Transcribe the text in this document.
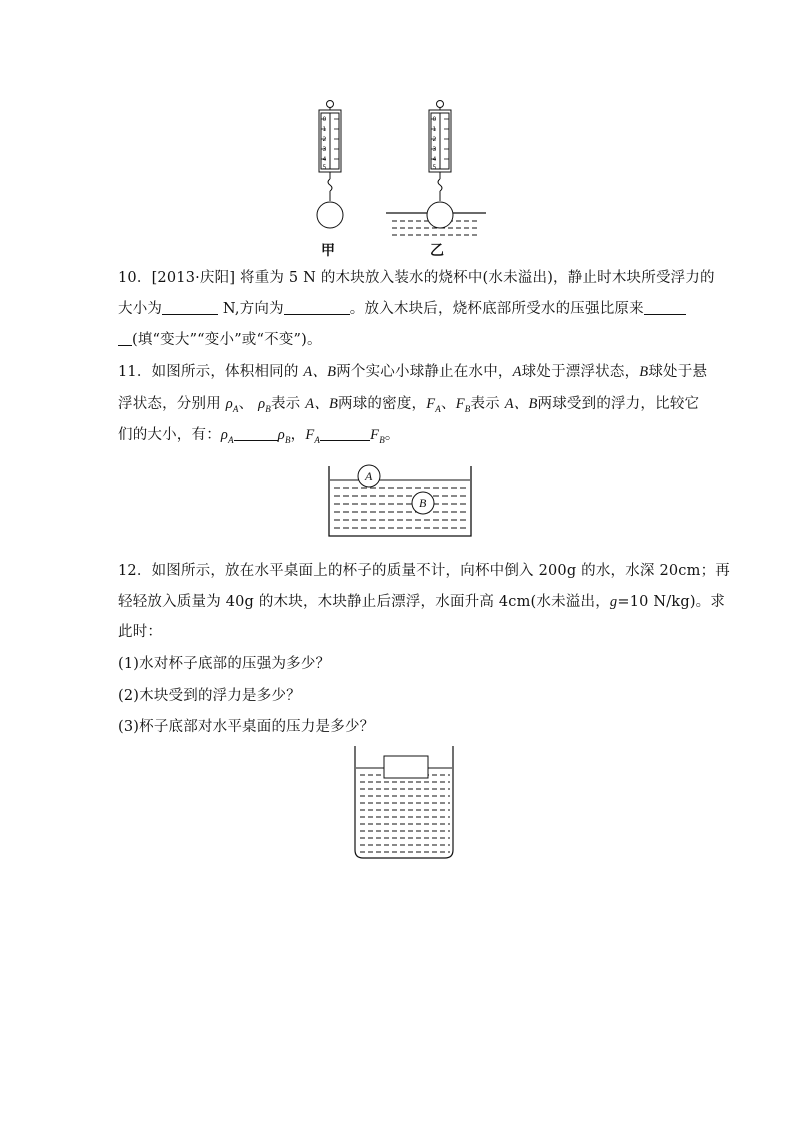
0
1
2
3
4
5
0
1
2
3
4
5
甲	乙
10．[2013·庆阳] 将重为 5 N 的木块放入装水的烧杯中(水未溢出)，静止时木块所受浮力的
大小为	N,方向为	。放入木块后，烧杯底部所受水的压强比原来
(填“变大”“变小”或“不变”)。
11．如图所示，体积相同的 A、B两个实心小球静止在水中，A球处于漂浮状态，B球处于悬
浮状态，分别用 $\rho_A$、 $\rho_B$表示 A、B两球的密度，$F_A$、$F_B$表示 A、B两球受到的浮力，比较它
们的大小，有：$\rho_A$	$\rho_B$，$F_A$	$F_B$。
A
B
12．如图所示，放在水平桌面上的杯子的质量不计，向杯中倒入 200g 的水，水深 20cm；再
轻轻放入质量为 40g 的木块，木块静止后漂浮，水面升高 4cm(水未溢出，g=10 N/kg)。求
此时：
(1)水对杯子底部的压强为多少？
(2)木块受到的浮力是多少？
(3)杯子底部对水平桌面的压力是多少？
